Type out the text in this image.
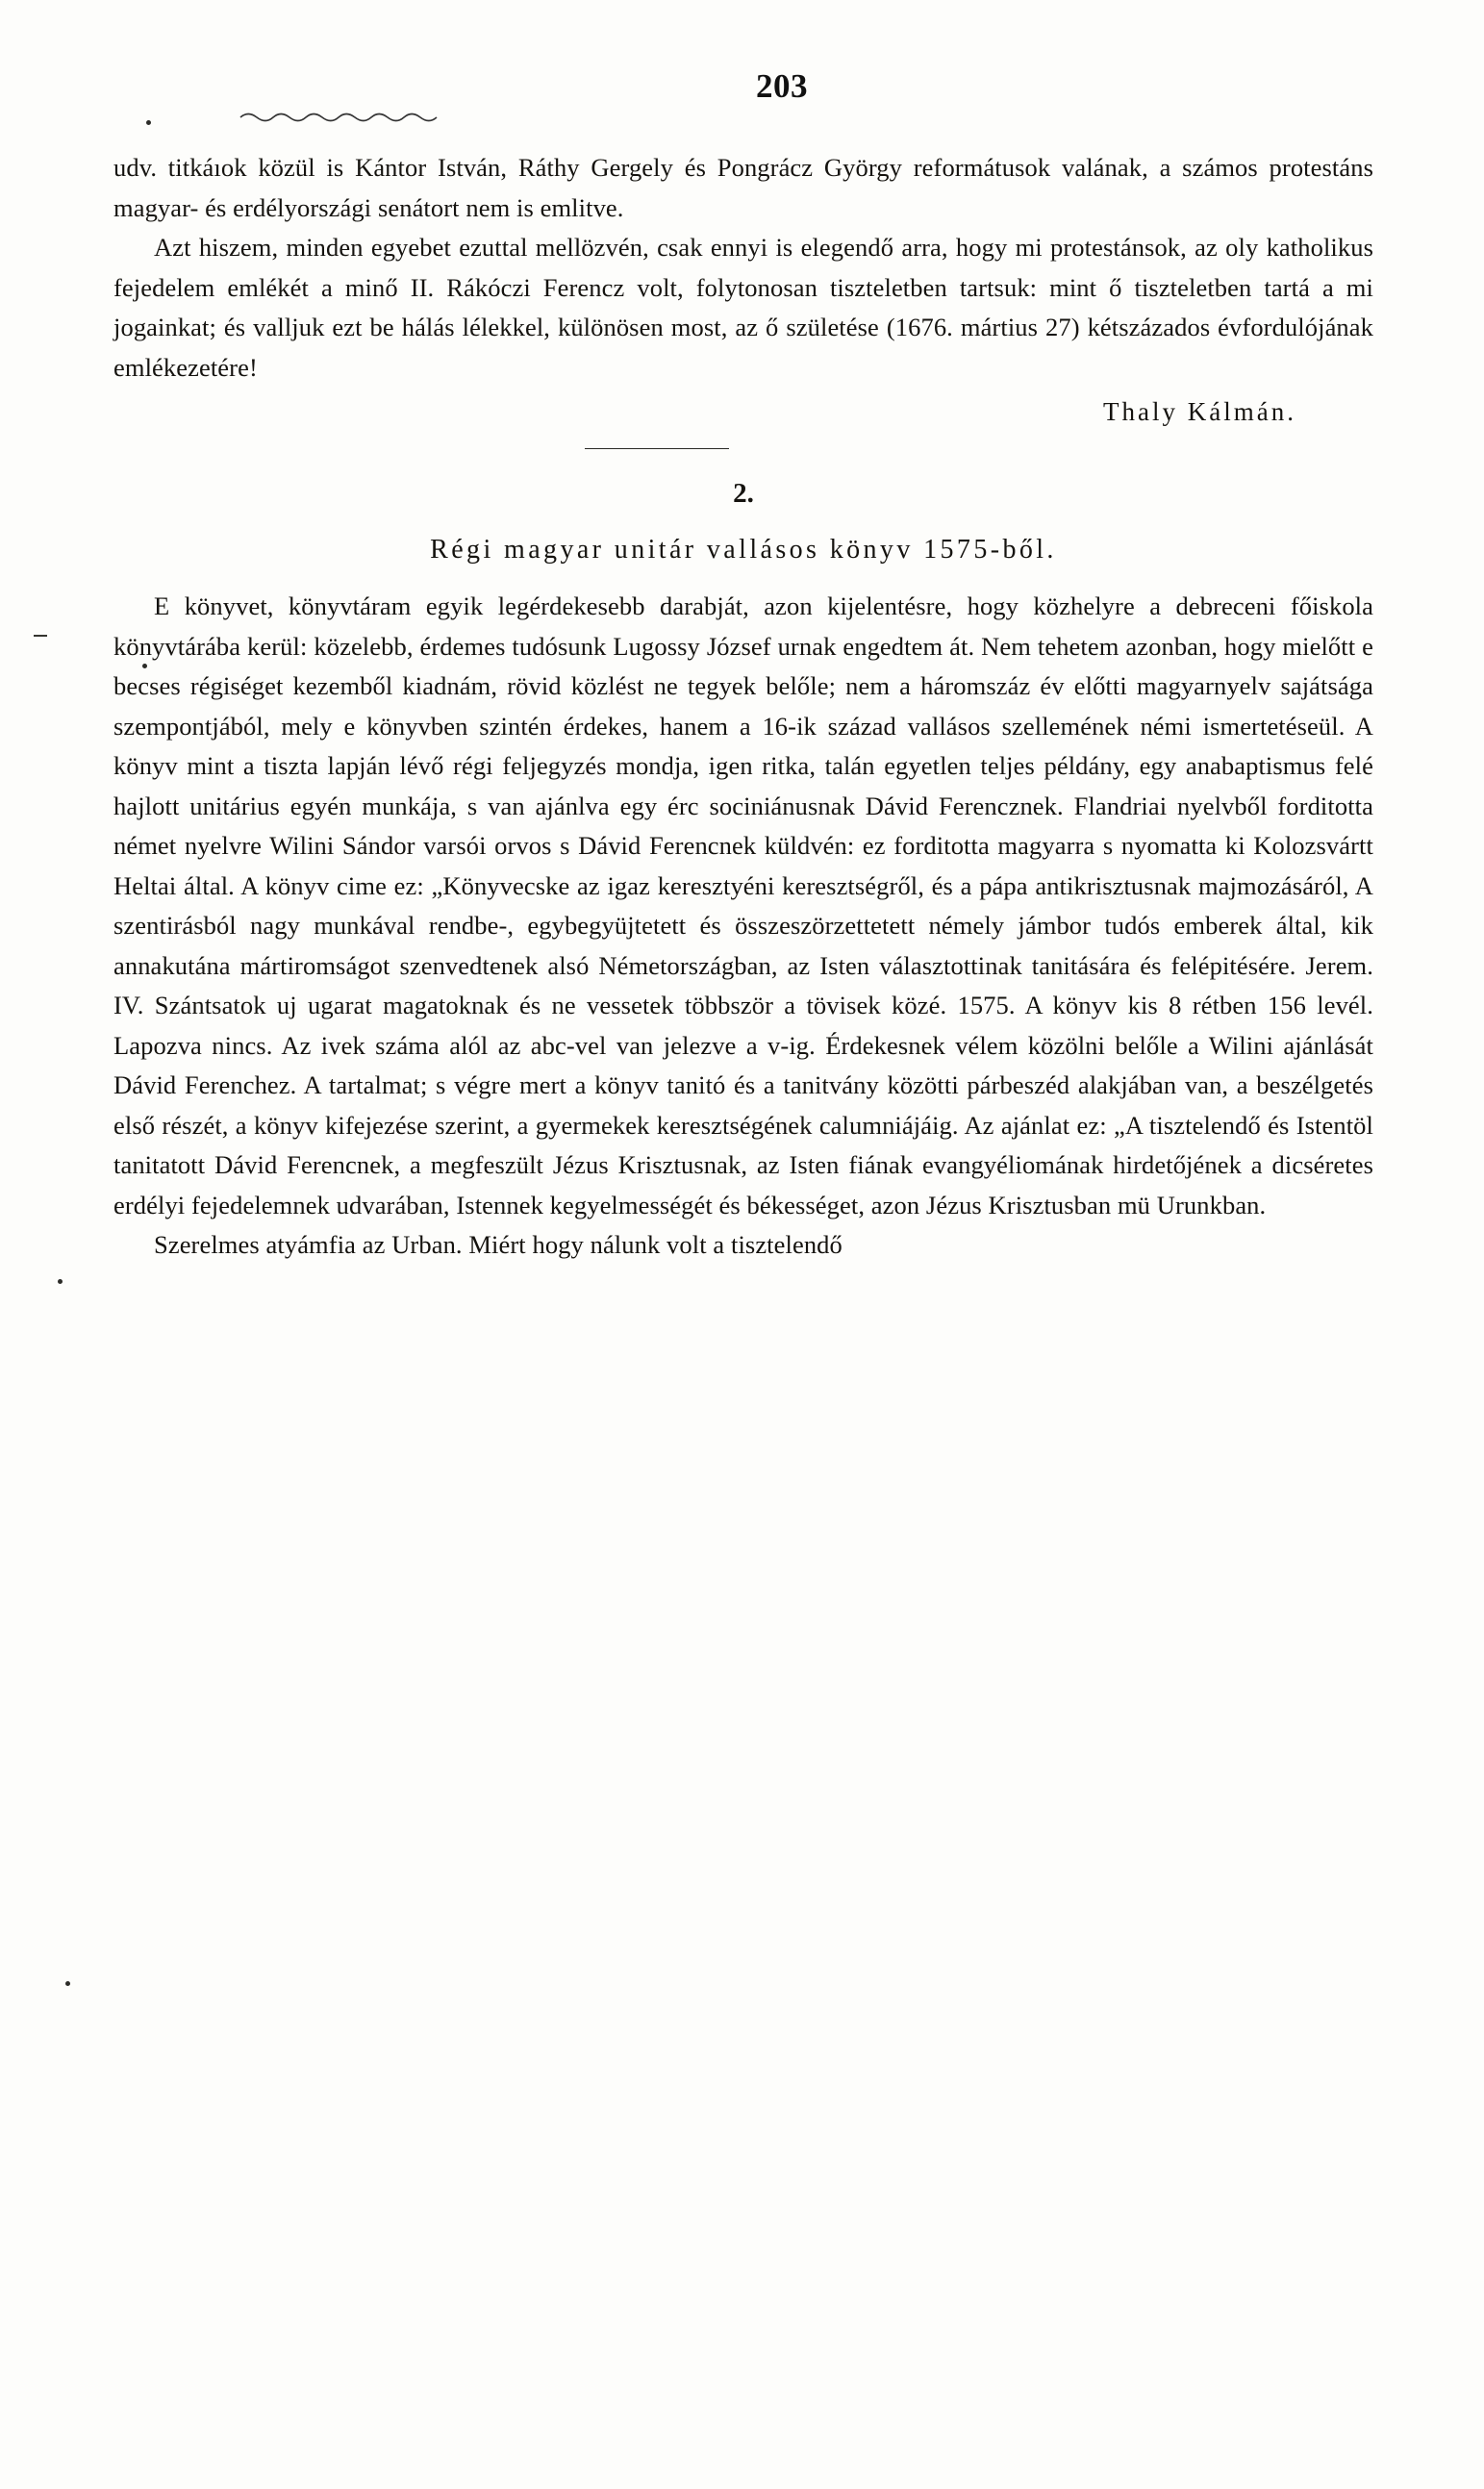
203

udv. titkáıok közül is Kántor István, Ráthy Gergely és Pongrácz György reformátusok valának, a számos protestáns magyar- és erdélyországi senátort nem is emlitve.

Azt hiszem, minden egyebet ezuttal mellözvén, csak ennyi is elegendő arra, hogy mi protestánsok, az oly katholikus fejedelem emlékét a minő II. Rákóczi Ferencz volt, folytonosan tiszteletben tartsuk: mint ő tiszteletben tartá a mi jogainkat; és valljuk ezt be hálás lélekkel, különösen most, az ő születése (1676. mártius 27) kétszázados évfordulójának emlékezetére!

Thaly Kálmán.
2.
Régi magyar unitár vallásos könyv 1575-ből.

E könyvet, könyvtáram egyik legérdekesebb darabját, azon kijelentésre, hogy közhelyre a debreceni főiskola könyvtárába kerül: közelebb, érdemes tudósunk Lugossy József urnak engedtem át. Nem tehetem azonban, hogy mielőtt e becses régiséget kezemből kiadnám, rövid közlést ne tegyek belőle; nem a háromszáz év előtti magyarnyelv sajátsága szempontjából, mely e könyvben szintén érdekes, hanem a 16-ik század vallásos szellemének némi ismertetéseül. A könyv mint a tiszta lapján lévő régi feljegyzés mondja, igen ritka, talán egyetlen teljes példány, egy anabaptismus felé hajlott unitárius egyén munkája, s van ajánlva egy érc sociniánusnak Dávid Ferencznek. Flandriai nyelvből forditotta német nyelvre Wilini Sándor varsói orvos s Dávid Ferencnek küldvén: ez forditotta magyarra s nyomatta ki Kolozsvártt Heltai által. A könyv cime ez: „Könyvecske az igaz keresztyéni keresztségről, és a pápa antikrisztusnak majmozásáról, A szentirásból nagy munkával rendbe-, egybegyüjtetett és összeszörzettetett némely jámbor tudós emberek által, kik annakutána mártiromságot szenvedtenek alsó Németországban, az Isten választottinak tanitására és felépitésére. Jerem. IV. Szántsatok uj ugarat magatoknak és ne vessetek többször a tövisek közé. 1575. A könyv kis 8 rétben 156 levél. Lapozva nincs. Az ivek száma alól az abc-vel van jelezve a v-ig. Érdekesnek vélem közölni belőle a Wilini ajánlását Dávid Ferenchez. A tartalmat; s végre mert a könyv tanitó és a tanitvány közötti párbeszéd alakjában van, a beszélgetés első részét, a könyv kifejezése szerint, a gyermekek keresztségének calumniájáig. Az ajánlat ez: „A tisztelendő és Istentöl tanitatott Dávid Ferencnek, a megfeszült Jézus Krisztusnak, az Isten fiának evangyéliomának hirdetőjének a dicséretes erdélyi fejedelemnek udvarában, Istennek kegyelmességét és békességet, azon Jézus Krisztusban mü Urunkban.

Szerelmes atyámfia az Urban. Miért hogy nálunk volt a tisztelendő
